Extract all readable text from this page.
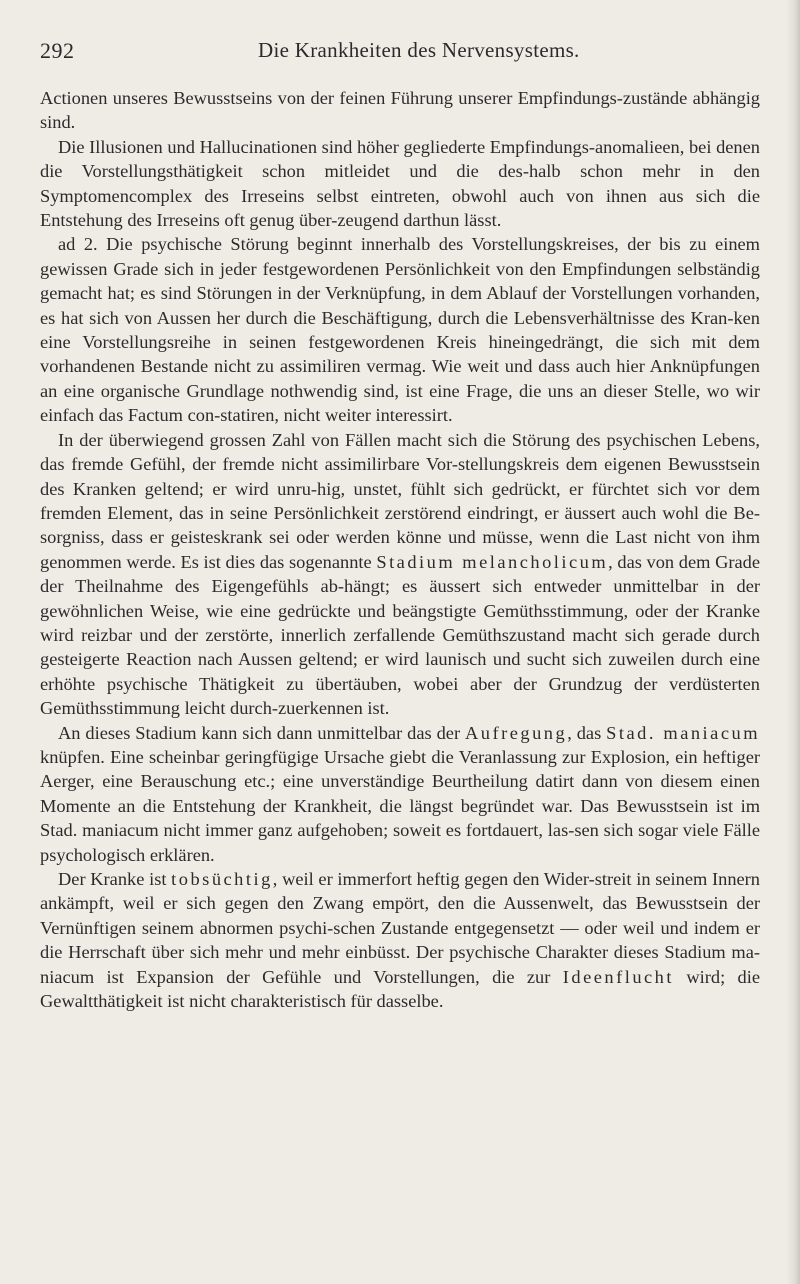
292	Die Krankheiten des Nervensystems.

Actionen unseres Bewusstseins von der feinen Führung unserer Empfindungs-zustände abhängig sind.

Die Illusionen und Hallucinationen sind höher gegliederte Empfindungs-anomalieen, bei denen die Vorstellungsthätigkeit schon mitleidet und die des-halb schon mehr in den Symptomencomplex des Irreseins selbst eintreten, obwohl auch von ihnen aus sich die Entstehung des Irreseins oft genug über-zeugend darthun lässt.

ad 2. Die psychische Störung beginnt innerhalb des Vorstellungskreises, der bis zu einem gewissen Grade sich in jeder festgewordenen Persönlichkeit von den Empfindungen selbständig gemacht hat; es sind Störungen in der Verknüpfung, in dem Ablauf der Vorstellungen vorhanden, es hat sich von Aussen her durch die Beschäftigung, durch die Lebensverhältnisse des Kran-ken eine Vorstellungsreihe in seinen festgewordenen Kreis hineingedrängt, die sich mit dem vorhandenen Bestande nicht zu assimiliren vermag. Wie weit und dass auch hier Anknüpfungen an eine organische Grundlage nothwendig sind, ist eine Frage, die uns an dieser Stelle, wo wir einfach das Factum con-statiren, nicht weiter interessirt.

In der überwiegend grossen Zahl von Fällen macht sich die Störung des psychischen Lebens, das fremde Gefühl, der fremde nicht assimilirbare Vor-stellungskreis dem eigenen Bewusstsein des Kranken geltend; er wird unru-hig, unstet, fühlt sich gedrückt, er fürchtet sich vor dem fremden Element, das in seine Persönlichkeit zerstörend eindringt, er äussert auch wohl die Be-sorgniss, dass er geisteskrank sei oder werden könne und müsse, wenn die Last nicht von ihm genommen werde. Es ist dies das sogenannte Stadium melancholicum, das von dem Grade der Theilnahme des Eigengefühls ab-hängt; es äussert sich entweder unmittelbar in der gewöhnlichen Weise, wie eine gedrückte und beängstigte Gemüthsstimmung, oder der Kranke wird reizbar und der zerstörte, innerlich zerfallende Gemüthszustand macht sich gerade durch gesteigerte Reaction nach Aussen geltend; er wird launisch und sucht sich zuweilen durch eine erhöhte psychische Thätigkeit zu übertäuben, wobei aber der Grundzug der verdüsterten Gemüthsstimmung leicht durch-zuerkennen ist.

An dieses Stadium kann sich dann unmittelbar das der Aufregung, das Stad. maniacum knüpfen. Eine scheinbar geringfügige Ursache giebt die Veranlassung zur Explosion, ein heftiger Aerger, eine Berauschung etc.; eine unverständige Beurtheilung datirt dann von diesem einen Momente an die Entstehung der Krankheit, die längst begründet war. Das Bewusstsein ist im Stad. maniacum nicht immer ganz aufgehoben; soweit es fortdauert, las-sen sich sogar viele Fälle psychologisch erklären.

Der Kranke ist tobsüchtig, weil er immerfort heftig gegen den Wider-streit in seinem Innern ankämpft, weil er sich gegen den Zwang empört, den die Aussenwelt, das Bewusstsein der Vernünftigen seinem abnormen psychi-schen Zustande entgegensetzt — oder weil und indem er die Herrschaft über sich mehr und mehr einbüsst. Der psychische Charakter dieses Stadium ma-niacum ist Expansion der Gefühle und Vorstellungen, die zur Ideenflucht wird; die Gewaltthätigkeit ist nicht charakteristisch für dasselbe.
